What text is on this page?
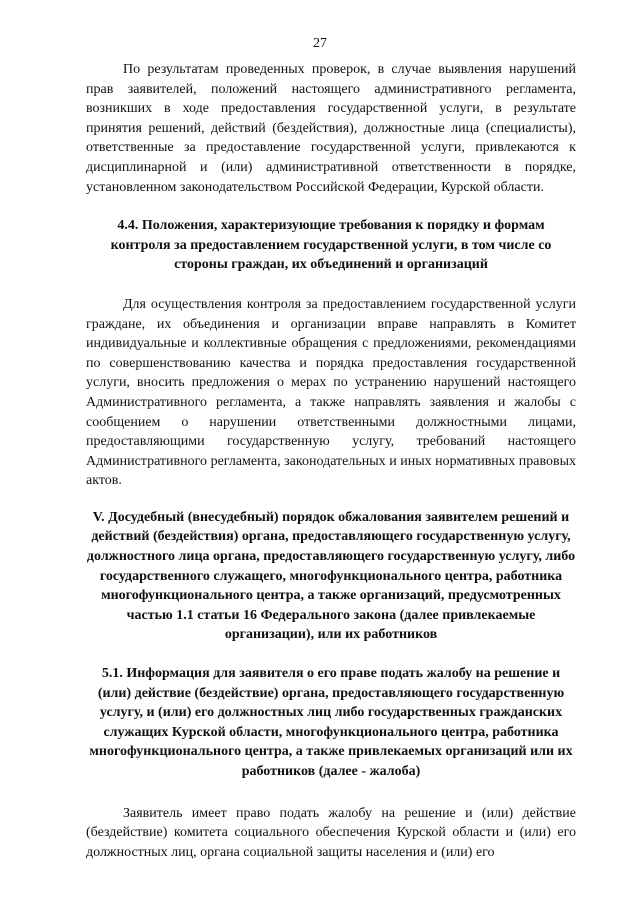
27

По результатам проведенных проверок, в случае выявления нарушений прав заявителей, положений настоящего административного регламента, возникших в ходе предоставления государственной услуги, в результате принятия решений, действий (бездействия), должностные лица (специалисты), ответственные за предоставление государственной услуги, привлекаются к дисциплинарной и (или) административной ответственности в порядке, установленном законодательством Российской Федерации, Курской области.

4.4. Положения, характеризующие требования к порядку и формам контроля за предоставлением государственной услуги, в том числе со стороны граждан, их объединений и организаций

Для осуществления контроля за предоставлением государственной услуги граждане, их объединения и организации вправе направлять в Комитет индивидуальные и коллективные обращения с предложениями, рекомендациями по совершенствованию качества и порядка предоставления государственной услуги, вносить предложения о мерах по устранению нарушений настоящего Административного регламента, а также направлять заявления и жалобы с сообщением о нарушении ответственными должностными лицами, предоставляющими государственную услугу, требований настоящего Административного регламента, законодательных и иных нормативных правовых актов.

V. Досудебный (внесудебный) порядок обжалования заявителем решений и действий (бездействия) органа, предоставляющего государственную услугу, должностного лица органа, предоставляющего государственную услугу, либо государственного служащего, многофункционального центра, работника многофункционального центра, а также организаций, предусмотренных частью 1.1 статьи 16 Федерального закона (далее привлекаемые организации), или их работников

5.1. Информация для заявителя о его праве подать жалобу на решение и (или) действие (бездействие) органа, предоставляющего государственную услугу, и (или) его должностных лиц либо государственных гражданских служащих Курской области, многофункционального центра, работника многофункционального центра, а также привлекаемых организаций или их работников (далее - жалоба)

Заявитель имеет право подать жалобу на решение и (или) действие (бездействие) комитета социального обеспечения Курской области и (или) его должностных лиц, органа социальной защиты населения и (или) его
